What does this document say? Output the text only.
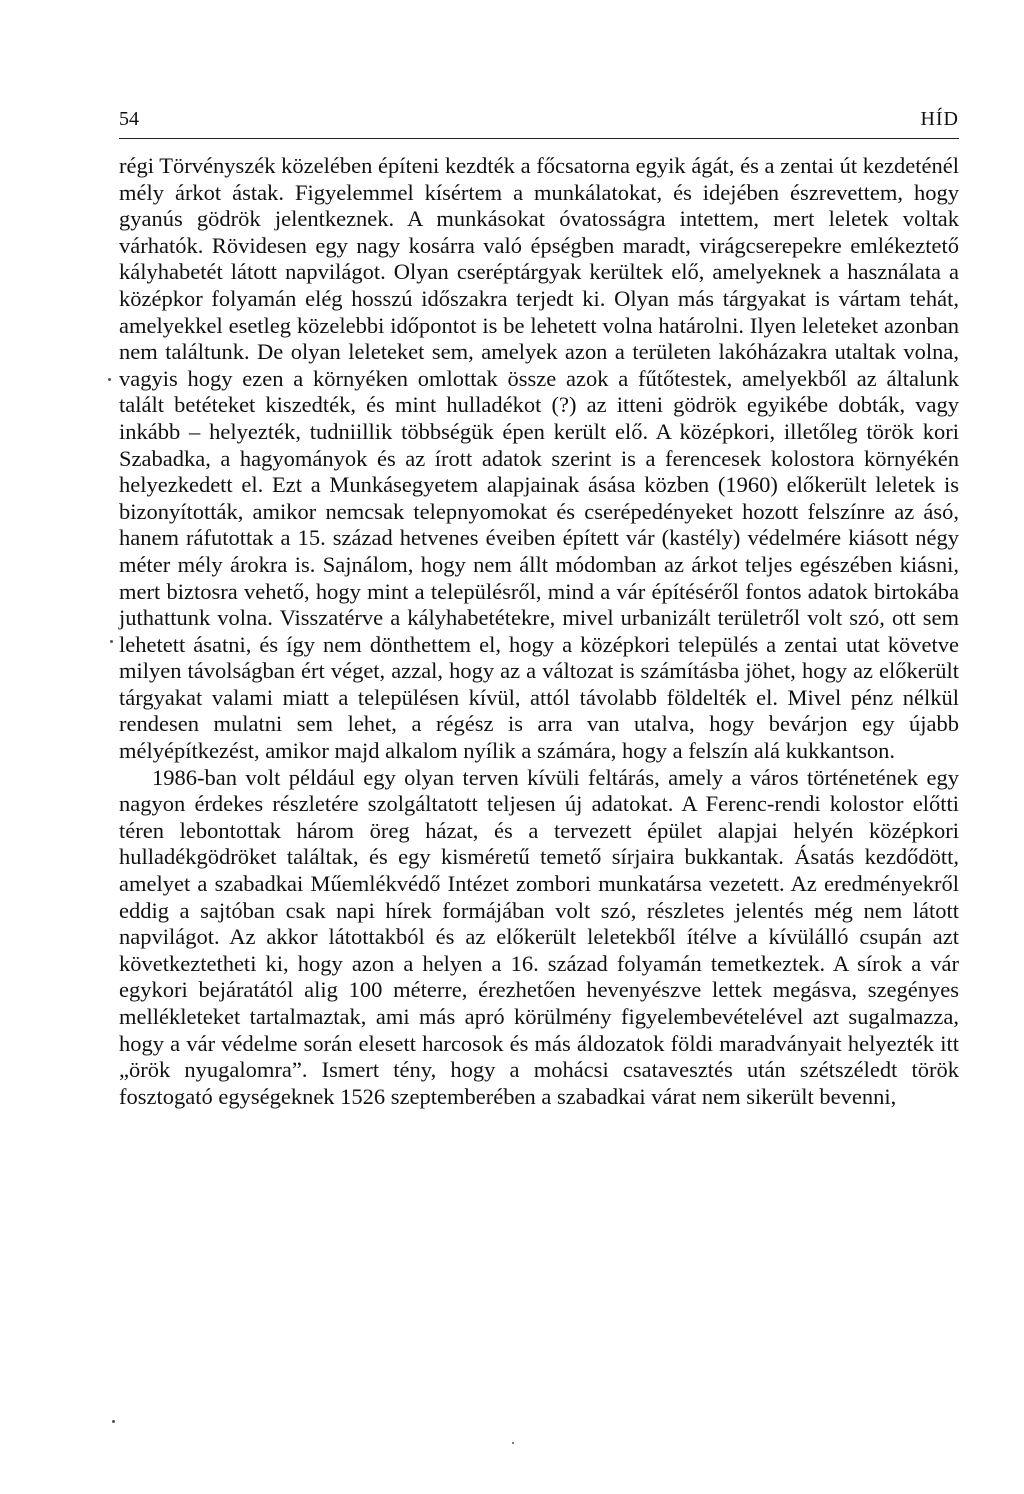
54	HÍD

régi Törvényszék közelében építeni kezdték a főcsatorna egyik ágát, és a zentai út kezdeténél mély árkot ástak. Figyelemmel kísértem a munkálatokat, és idejében észrevettem, hogy gyanús gödrök jelentkeznek. A munkásokat óvatosságra intettem, mert leletek voltak várhatók. Rövidesen egy nagy kosárra való épségben maradt, virágcserepekre emlékeztető kályhabetét látott napvilágot. Olyan cseréptárgyak kerültek elő, amelyeknek a használata a középkor folyamán elég hosszú időszakra terjedt ki. Olyan más tárgyakat is vártam tehát, amelyekkel esetleg közelebbi időpontot is be lehetett volna határolni. Ilyen leleteket azonban nem találtunk. De olyan leleteket sem, amelyek azon a területen lakóházakra utaltak volna, vagyis hogy ezen a környéken omlottak össze azok a fűtőtestek, amelyekből az általunk talált betéteket kiszedték, és mint hulladékot (?) az itteni gödrök egyikébe dobták, vagy inkább – helyezték, tudniillik többségük épen került elő. A középkori, illetőleg török kori Szabadka, a hagyományok és az írott adatok szerint is a ferencesek kolostora környékén helyezkedett el. Ezt a Munkásegyetem alapjainak ásása közben (1960) előkerült leletek is bizonyították, amikor nemcsak telepnyomokat és cserépedényeket hozott felszínre az ásó, hanem ráfutottak a 15. század hetvenes éveiben épített vár (kastély) védelmére kiásott négy méter mély árokra is. Sajnálom, hogy nem állt módomban az árkot teljes egészében kiásni, mert biztosra vehető, hogy mint a településről, mind a vár építéséről fontos adatok birtokába juthattunk volna. Visszatérve a kályhabetétekre, mivel urbanizált területről volt szó, ott sem lehetett ásatni, és így nem dönthettem el, hogy a középkori település a zentai utat követve milyen távolságban ért véget, azzal, hogy az a változat is számításba jöhet, hogy az előkerült tárgyakat valami miatt a településen kívül, attól távolabb földelték el. Mivel pénz nélkül rendesen mulatni sem lehet, a régész is arra van utalva, hogy bevárjon egy újabb mélyépítkezést, amikor majd alkalom nyílik a számára, hogy a felszín alá kukkantson.

1986-ban volt például egy olyan terven kívüli feltárás, amely a város történetének egy nagyon érdekes részletére szolgáltatott teljesen új adatokat. A Ferenc-rendi kolostor előtti téren lebontottak három öreg házat, és a tervezett épület alapjai helyén középkori hulladékgödröket találtak, és egy kisméretű temető sírjaira bukkantak. Ásatás kezdődött, amelyet a szabadkai Műemlékvédő Intézet zombori munkatársa vezetett. Az eredményekről eddig a sajtóban csak napi hírek formájában volt szó, részletes jelentés még nem látott napvilágot. Az akkor látottakból és az előkerült leletekből ítélve a kívülálló csupán azt következtetheti ki, hogy azon a helyen a 16. század folyamán temetkeztek. A sírok a vár egykori bejáratától alig 100 méterre, érezhetően hevenyészve lettek megásva, szegényes mellékleteket tartalmaztak, ami más apró körülmény figyelembevételével azt sugalmazza, hogy a vár védelme során elesett harcosok és más áldozatok földi maradványait helyezték itt „örök nyugalomra”. Ismert tény, hogy a mohácsi csatavesztés után szétszéledt török fosztogató egységeknek 1526 szeptemberében a szabadkai várat nem sikerült bevenni,
